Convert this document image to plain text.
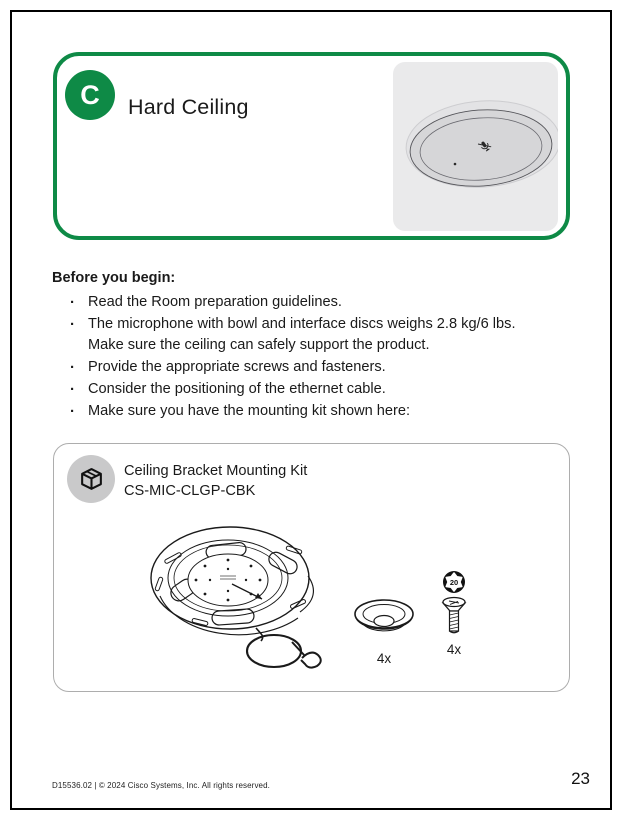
C Hard Ceiling

Before you begin:

· Read the Room preparation guidelines.
· The microphone with bowl and interface discs weighs 2.8 kg/6 lbs. Make sure the ceiling can safely support the product.
· Provide the appropriate screws and fasteners.
· Consider the positioning of the ethernet cable.
· Make sure you have the mounting kit shown here:
Ceiling Bracket Mounting Kit
CS-MIC-CLGP-CBK
4x
20
4x
D15536.02 | © 2024 Cisco Systems, Inc. All rights reserved.	23
